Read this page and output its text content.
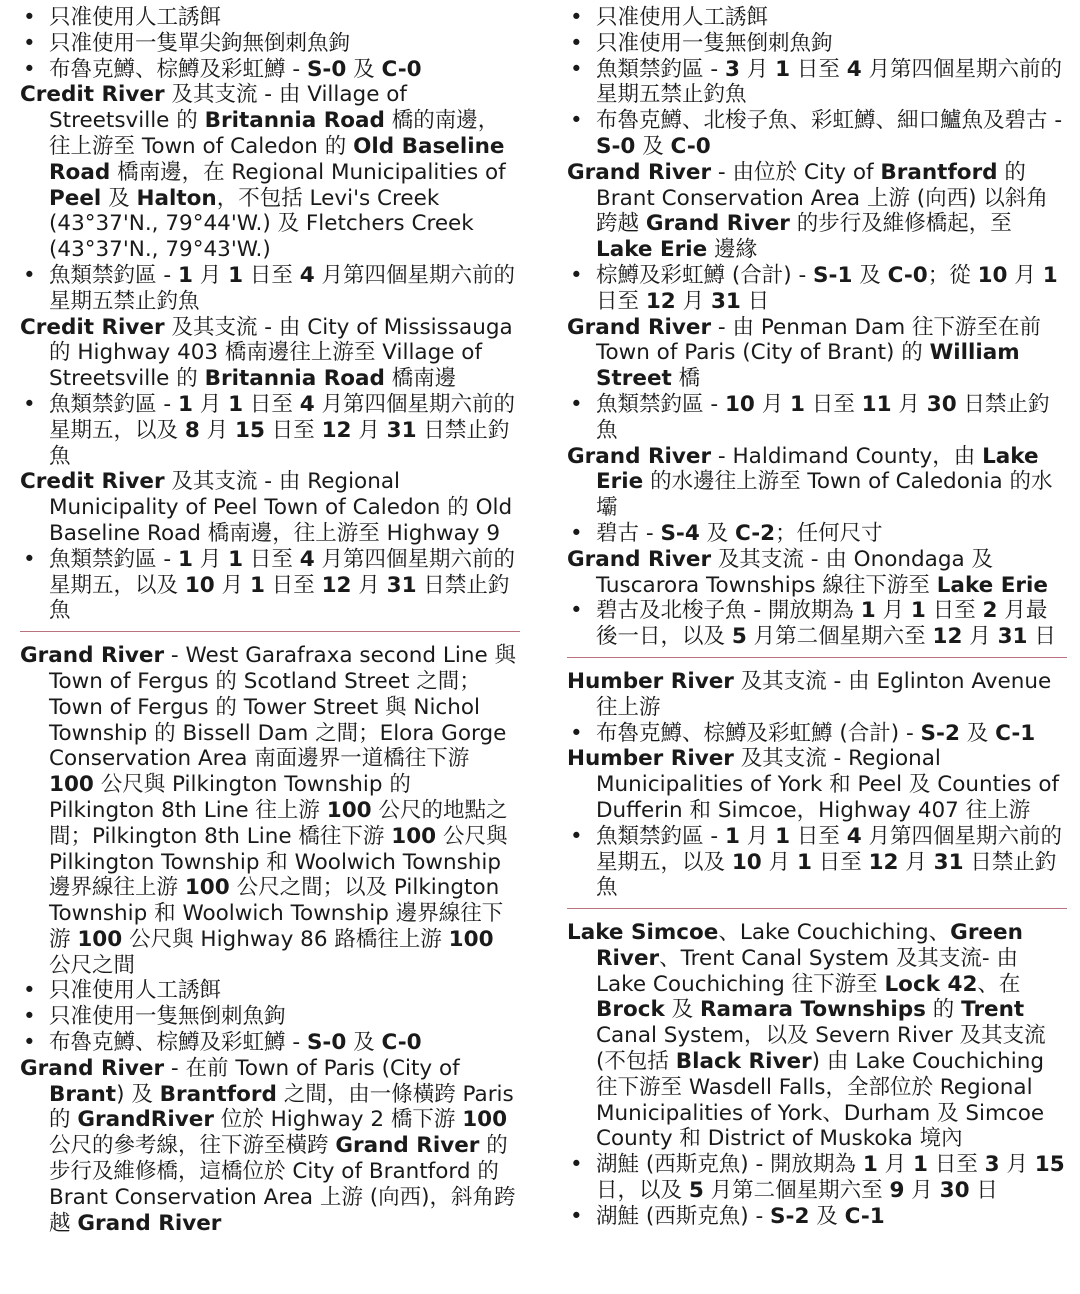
• 只准使用人工誘餌
• 只准使用一隻單尖鉤無倒刺魚鉤
• 布魯克鱒、棕鱒及彩虹鱒 - S-0 及 C-0
Credit River 及其支流 - 由 Village of Streetsville 的 Britannia Road 橋的南邊，往上游至 Town of Caledon 的 Old Baseline Road 橋南邊，在 Regional Municipalities of Peel 及 Halton，不包括 Levi's Creek (43°37'N., 79°44'W.) 及 Fletchers Creek (43°37'N., 79°43'W.)
• 魚類禁釣區 - 1 月 1 日至 4 月第四個星期六前的星期五禁止釣魚
Credit River 及其支流 - 由 City of Mississauga 的 Highway 403 橋南邊往上游至 Village of Streetsville 的 Britannia Road 橋南邊
• 魚類禁釣區 - 1 月 1 日至 4 月第四個星期六前的星期五，以及 8 月 15 日至 12 月 31 日禁止釣魚
Credit River 及其支流 - 由 Regional Municipality of Peel Town of Caledon 的 Old Baseline Road 橋南邊，往上游至 Highway 9
• 魚類禁釣區 - 1 月 1 日至 4 月第四個星期六前的星期五，以及 10 月 1 日至 12 月 31 日禁止釣魚
Grand River - West Garafraxa second Line 與 Town of Fergus 的 Scotland Street 之間；Town of Fergus 的 Tower Street 與 Nichol Township 的 Bissell Dam 之間；Elora Gorge Conservation Area 南面邊界一道橋往下游 100 公尺與 Pilkington Township 的 Pilkington 8th Line 往上游 100 公尺的地點之間；Pilkington 8th Line 橋往下游 100 公尺與 Pilkington Township 和 Woolwich Township 邊界線往上游 100 公尺之間；以及 Pilkington Township 和 Woolwich Township 邊界線往下游 100 公尺與 Highway 86 路橋往上游 100 公尺之間
• 只准使用人工誘餌
• 只准使用一隻無倒刺魚鉤
• 布魯克鱒、棕鱒及彩虹鱒 - S-0 及 C-0
Grand River - 在前 Town of Paris (City of Brant) 及 Brantford 之間，由一條橫跨 Paris 的 GrandRiver 位於 Highway 2 橋下游 100 公尺的參考線，往下游至橫跨 Grand River 的步行及維修橋，這橋位於 City of Brantford 的 Brant Conservation Area 上游 (向西)，斜角跨越 Grand River
• 只准使用人工誘餌
• 只准使用一隻無倒刺魚鉤
• 魚類禁釣區 - 3 月 1 日至 4 月第四個星期六前的星期五禁止釣魚
• 布魯克鱒、北梭子魚、彩虹鱒、細口鱸魚及碧古 - S-0 及 C-0
Grand River - 由位於 City of Brantford 的 Brant Conservation Area 上游 (向西) 以斜角跨越 Grand River 的步行及維修橋起，至 Lake Erie 邊緣
• 棕鱒及彩虹鱒 (合計) - S-1 及 C-0；從 10 月 1 日至 12 月 31 日
Grand River - 由 Penman Dam 往下游至在前 Town of Paris (City of Brant) 的 William Street 橋
• 魚類禁釣區 - 10 月 1 日至 11 月 30 日禁止釣魚
Grand River - Haldimand County，由 Lake Erie 的水邊往上游至 Town of Caledonia 的水壩
• 碧古 - S-4 及 C-2；任何尺寸
Grand River 及其支流 - 由 Onondaga 及 Tuscarora Townships 線往下游至 Lake Erie
• 碧古及北梭子魚 - 開放期為 1 月 1 日至 2 月最後一日，以及 5 月第二個星期六至 12 月 31 日
Humber River 及其支流 - 由 Eglinton Avenue 往上游
• 布魯克鱒、棕鱒及彩虹鱒 (合計) - S-2 及 C-1
Humber River 及其支流 - Regional Municipalities of York 和 Peel 及 Counties of Dufferin 和 Simcoe，Highway 407 往上游
• 魚類禁釣區 - 1 月 1 日至 4 月第四個星期六前的星期五，以及 10 月 1 日至 12 月 31 日禁止釣魚
Lake Simcoe、Lake Couchiching、Green River、Trent Canal System 及其支流- 由 Lake Couchiching 往下游至 Lock 42、在 Brock 及 Ramara Townships 的 Trent Canal System，以及 Severn River 及其支流 (不包括 Black River) 由 Lake Couchiching 往下游至 Wasdell Falls，全部位於 Regional Municipalities of York、Durham 及 Simcoe County 和 District of Muskoka 境內
• 湖鮭 (西斯克魚) - 開放期為 1 月 1 日至 3 月 15 日，以及 5 月第二個星期六至 9 月 30 日
• 湖鮭 (西斯克魚) - S-2 及 C-1
